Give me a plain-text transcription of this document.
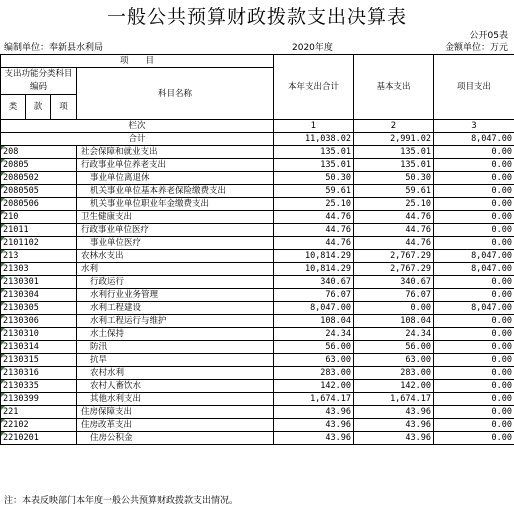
一般公共预算财政拨款支出决算表
公开05表
编制单位：奉新县水利局	2020年度	金额单位：万元
项　　目				本年支出合计	基本支出	项目支出
支出功能分类科目编码			科目名称			

类	款	项				
栏次				1	2	3
合计				11,038.02	2,991.02	8,047.00
208			社会保障和就业支出	135.01	135.01	0.00
20805			行政事业单位养老支出	135.01	135.01	0.00
2080502			事业单位离退休	50.30	50.30	0.00
2080505			机关事业单位基本养老保险缴费支出	59.61	59.61	0.00
2080506			机关事业单位职业年金缴费支出	25.10	25.10	0.00
210			卫生健康支出	44.76	44.76	0.00
21011			行政事业单位医疗	44.76	44.76	0.00
2101102			事业单位医疗	44.76	44.76	0.00
213			农林水支出	10,814.29	2,767.29	8,047.00
21303			水利	10,814.29	2,767.29	8,047.00
2130301			行政运行	340.67	340.67	0.00
2130304			水利行业业务管理	76.07	76.07	0.00
2130305			水利工程建设	8,047.00	0.00	8,047.00
2130306			水利工程运行与维护	108.04	108.04	0.00
2130310			水土保持	24.34	24.34	0.00
2130314			防汛	56.00	56.00	0.00
2130315			抗旱	63.00	63.00	0.00
2130316			农村水利	283.00	283.00	0.00
2130335			农村人畜饮水	142.00	142.00	0.00
2130399			其他水利支出	1,674.17	1,674.17	0.00
221			住房保障支出	43.96	43.96	0.00
22102			住房改革支出	43.96	43.96	0.00
2210201			住房公积金	43.96	43.96	0.00
注：本表反映部门本年度一般公共预算财政拨款支出情况。
